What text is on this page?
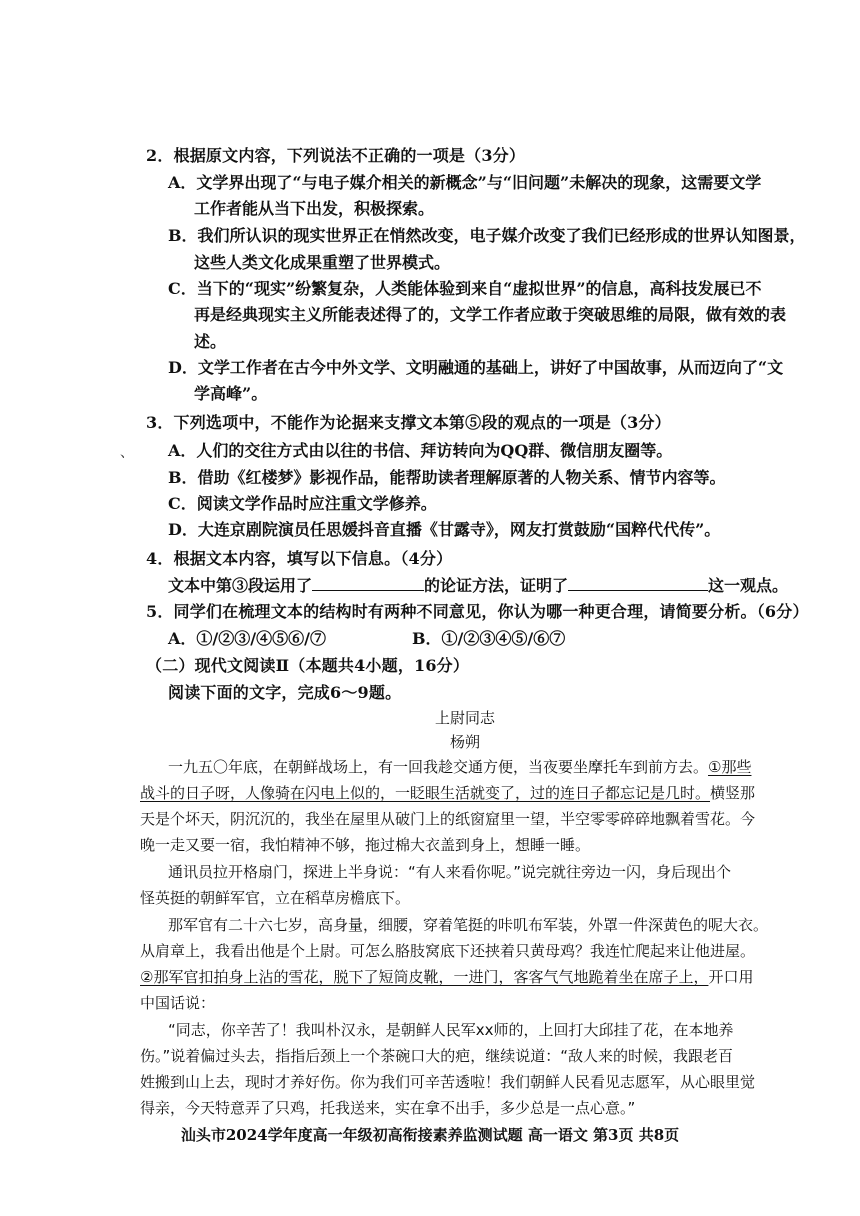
2．根据原文内容，下列说法不正确的一项是（3分）
A．文学界出现了“与电子媒介相关的新概念”与“旧问题”未解决的现象，这需要文学
工作者能从当下出发，积极探索。
B．我们所认识的现实世界正在悄然改变，电子媒介改变了我们已经形成的世界认知图景，
这些人类文化成果重塑了世界模式。
C．当下的“现实”纷繁复杂，人类能体验到来自“虚拟世界”的信息，高科技发展已不
再是经典现实主义所能表述得了的，文学工作者应敢于突破思维的局限，做有效的表
述。
D．文学工作者在古今中外文学、文明融通的基础上，讲好了中国故事，从而迈向了“文
学高峰”。
3．下列选项中，不能作为论据来支撑文本第⑤段的观点的一项是（3分）
A．人们的交往方式由以往的书信、拜访转向为QQ群、微信朋友圈等。
B．借助《红楼梦》影视作品，能帮助读者理解原著的人物关系、情节内容等。
C．阅读文学作品时应注重文学修养。
D．大连京剧院演员任思媛抖音直播《甘露寺》，网友打赏鼓励“国粹代代传”。
、
4．根据文本内容，填写以下信息。（4分）
文本中第③段运用了	的论证方法，证明了	这一观点。
5．同学们在梳理文本的结构时有两种不同意见，你认为哪一种更合理，请简要分析。（6分）
A．①/②③/④⑤⑥/⑦	B．①/②③④⑤/⑥⑦
（二）现代文阅读Ⅱ（本题共4小题，16分）
阅读下面的文字，完成6～9题。
上尉同志
杨朔
一九五〇年底，在朝鲜战场上，有一回我趁交通方便，当夜要坐摩托车到前方去。①那些
战斗的日子呀，人像骑在闪电上似的，一眨眼生活就变了，过的连日子都忘记是几时。横竖那
天是个坏天，阴沉沉的，我坐在屋里从破门上的纸窗窟里一望，半空零零碎碎地飘着雪花。今
晚一走又要一宿，我怕精神不够，拖过棉大衣盖到身上，想睡一睡。
通讯员拉开格扇门，探进上半身说：“有人来看你呢。”说完就往旁边一闪，身后现出个
怪英挺的朝鲜军官，立在稻草房檐底下。
那军官有二十六七岁，高身量，细腰，穿着笔挺的咔叽布军装，外罩一件深黄色的呢大衣。
从肩章上，我看出他是个上尉。可怎么胳肢窝底下还挟着只黄母鸡？我连忙爬起来让他进屋。
②那军官扣拍身上沾的雪花，脱下了短筒皮靴，一进门，客客气气地跪着坐在席子上，开口用
中国话说：
“同志，你辛苦了！我叫朴汉永，是朝鲜人民军xx师的，上回打大邱挂了花，在本地养
伤。”说着偏过头去，指指后颈上一个茶碗口大的疤，继续说道：“敌人来的时候，我跟老百
姓搬到山上去，现时才养好伤。你为我们可辛苦透啦！我们朝鲜人民看见志愿军，从心眼里觉
得亲，今天特意弄了只鸡，托我送来，实在拿不出手，多少总是一点心意。”
汕头市2024学年度高一年级初高衔接素养监测试题 高一语文 第3页 共8页
